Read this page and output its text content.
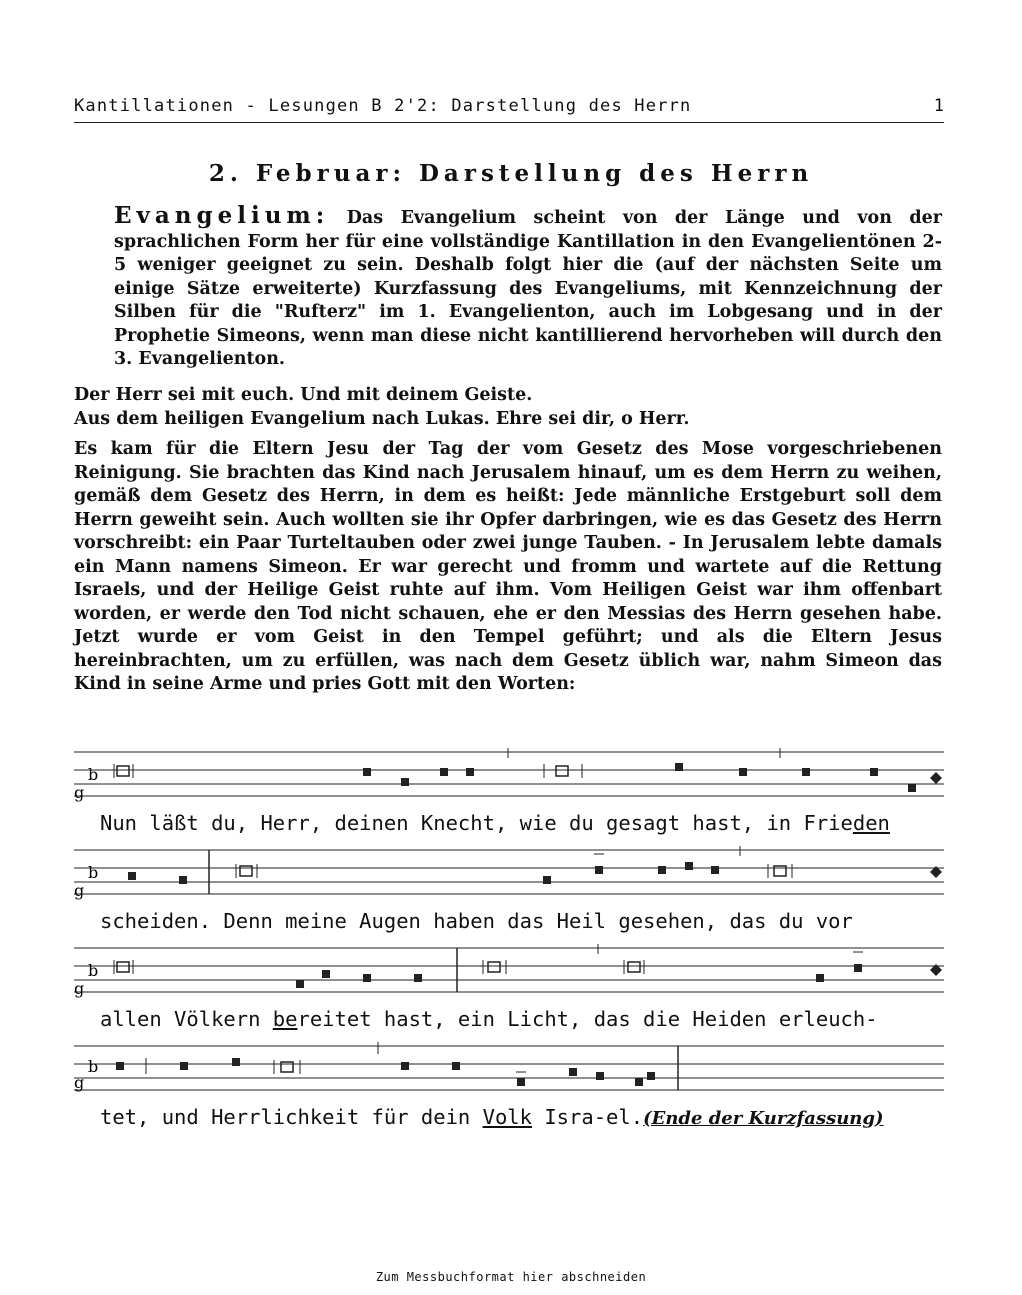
Kantillationen - Lesungen B 2'2: Darstellung des Herrn	1
2. Februar: Darstellung des Herrn
Evangelium: Das Evangelium scheint von der Länge und von der sprachlichen Form her für eine vollständige Kantillation in den Evangelientönen 2-5 weniger geeignet zu sein. Deshalb folgt hier die (auf der nächsten Seite um einige Sätze erweiterte) Kurzfassung des Evangeliums, mit Kennzeichnung der Silben für die "Rufterz" im 1. Evangelienton, auch im Lobgesang und in der Prophetie Simeons, wenn man diese nicht kantillierend hervorheben will durch den 3. Evangelienton.
Der Herr sei mit euch. Und mit deinem Geiste.
Aus dem heiligen Evangelium nach Lukas. Ehre sei dir, o Herr.
Es kam für die Eltern Jesu der Tag der vom Gesetz des Mose vorgeschriebenen Reinigung. Sie brachten das Kind nach Jerusalem hinauf, um es dem Herrn zu weihen, gemäß dem Gesetz des Herrn, in dem es heißt: Jede männliche Erstgeburt soll dem Herrn geweiht sein. Auch wollten sie ihr Opfer darbringen, wie es das Gesetz des Herrn vorschreibt: ein Paar Turteltauben oder zwei junge Tauben. - In Jerusalem lebte damals ein Mann namens Simeon. Er war gerecht und fromm und wartete auf die Rettung Israels, und der Heilige Geist ruhte auf ihm. Vom Heiligen Geist war ihm offenbart worden, er werde den Tod nicht schauen, ehe er den Messias des Herrn gesehen habe. Jetzt wurde er vom Geist in den Tempel geführt; und als die Eltern Jesus hereinbrachten, um zu erfüllen, was nach dem Gesetz üblich war, nahm Simeon das Kind in seine Arme und pries Gott mit den Worten:
g
b
Nun läßt du, Herr, deinen Knecht, wie du gesagt hast, in Frieden
g
b
scheiden. Denn meine Augen haben das Heil gesehen, das du vor
g
b
allen Völkern bereitet hast, ein Licht, das die Heiden erleuch-
g
b
tet, und Herrlichkeit für dein Volk Isra-el.(Ende der Kurzfassung)
Zum Messbuchformat hier abschneiden
